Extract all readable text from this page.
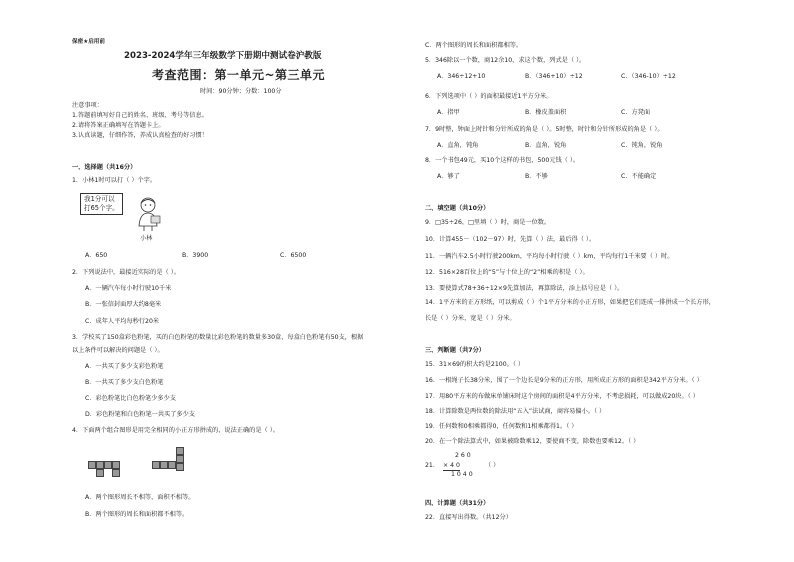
保密★启用前
2023-2024学年三年级数学下册期中测试卷沪教版
考查范围：第一单元~第三单元
时间：90分钟；分数：100分
注意事项：
1.答题前填写好自己的姓名、班级、考号等信息。
2.请将答案正确填写在答题卡上。
3.认真读题，仔细作答，养成认真检查的好习惯！
一、选择题（共16分）
1．小林1时可以打（ ）个字。
我1分可以
打65个字。
小林
A．650	B．3900	C．6500
2．下列说法中，最接近实际的是（ ）。
A．一辆汽车每小时行驶10千米
B．一张信封面厚大约8毫米
C．成年人平均每秒行20米
3．学校买了150盒彩色粉笔，买的白色粉笔的数量比彩色粉笔的数量多30盒，每盒白色粉笔有50支，根据
以上条件可以解决的问题是（ ）。
A．一共买了多少支彩色粉笔
B．一共买了多少支白色粉笔
C．彩色粉笔比白色粉笔少多少支
D．彩色粉笔和白色粉笔一共买了多少支
4．下面两个组合图形是用完全相同的小正方形拼成的，说法正确的是（ ）。
A．两个图形周长不相等，面积不相等。
B．两个图形的周长和面积都不相等。
C．两个图形的周长和面积都相等。
5．346除以一个数，商12余10，求这个数，列式是（ ）。
A．346÷12+10	B．（346+10）÷12	C．（346-10）÷12
6．下列选项中（ ）的面积最接近1平方分米。
A．指甲	B．橡皮盖面积	C．方凳面
7．9时整，钟面上时针和分针所成的角是（ ）。5时整，时针和分针所形成的角是（ ）。
A．直角，钝角	B．直角，锐角	C．钝角，锐角
8．一个书包49元，买10个这样的书包，500元钱（ ）。
A．够了	B．不够	C．不能确定
二、填空题（共10分）
9．□35÷26，□里填（ ）时，商是一位数。
10．计算455－（102－97）时，先算（ ）法，最后得（ ）。
11．一辆汽车2.5小时行驶200km，平均每小时行驶（ ）km，平均每行1千米要（ ）时。
12．516×28百位上的“5”与十位上的“2”相乘的积是（ ）。
13．要使算式78+36÷12×9先算加法，再算除法，添上括号应是（ ）。
14．1平方米的正方形纸，可以剪成（ ）个1平方分米的小正方形，如果把它们连成一排拼成一个长方形，
长是（ ）分米，宽是（ ）分米。
三、判断题（共7分）
15．31×69的积大约是2100。（ ）
16．一根绳子长38分米，围了一个边长是9分米的正方形，用所成正方形的面积是342平方分米。（ ）
17．用80平方米的布做床单铺床时这个房间的面积是4平方分米，不考虑损耗，可以做成20块。（ ）
18．计算除数是两位数的除法用“五入”法试商，商容易偏小。（ ）
19．任何数和0相乘都得0，任何数和1相乘都得1。（ ）
20．在一个除法算式中，如果被除数乘12，要使商不变，除数也要乘12。（ ）
21．
2 6 0
× 4 0
1 0 4 0
（ ）
四、计算题（共31分）
22．直接写出得数。（共12分）
